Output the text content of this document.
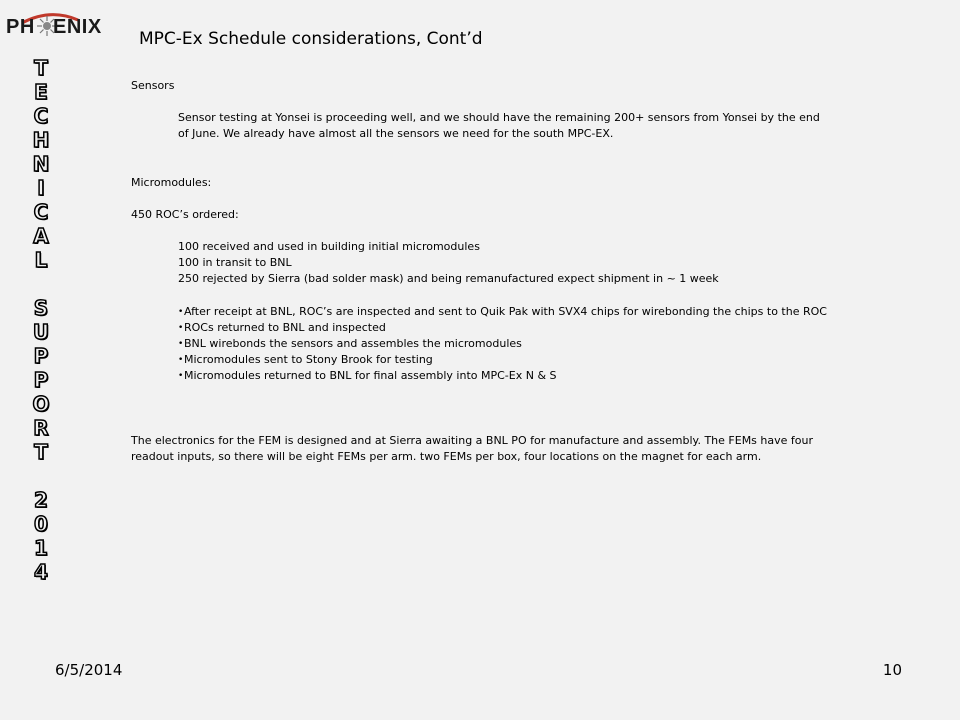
PH ENIX
T
E
C
H
N
I
C
A
L
S
U
P
P
O
R
T
2
0
1
4
MPC-Ex Schedule considerations, Cont’d

Sensors

Sensor testing at Yonsei is proceeding well, and we should have the remaining 200+ sensors from Yonsei by the end of June. We already have almost all the sensors we need for the south MPC-EX.

Micromodules:

450 ROC’s ordered:

100 received and used in building initial micromodules

100 in transit to BNL

250 rejected by Sierra (bad solder mask) and being remanufactured expect shipment in ~ 1 week

• After receipt at BNL, ROC’s are inspected and sent to Quik Pak with SVX4 chips for wirebonding the chips to the ROC
• ROCs returned to BNL and inspected
• BNL wirebonds the sensors and assembles the micromodules
• Micromodules sent to Stony Brook for testing
• Micromodules returned to BNL for final assembly into MPC-Ex N & S

The electronics for the FEM is designed and at Sierra awaiting a BNL PO for manufacture and assembly. The FEMs have four readout inputs, so there will be eight FEMs per arm. two FEMs per box, four locations on the magnet for each arm.

6/5/2014	10
